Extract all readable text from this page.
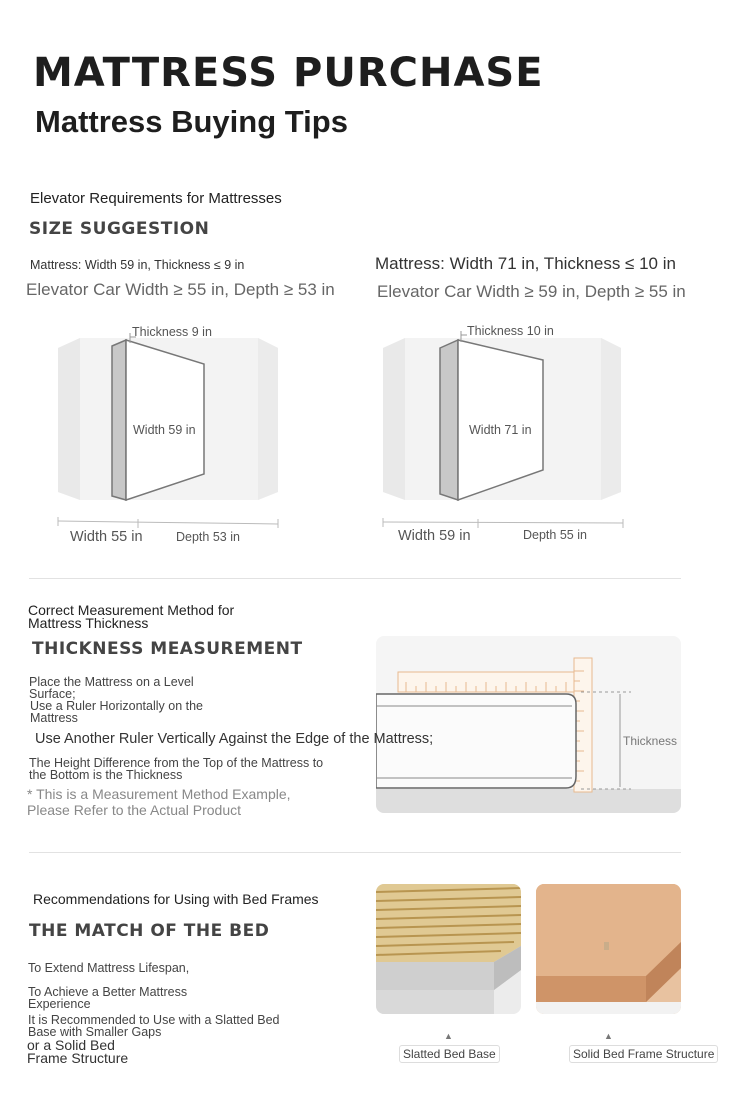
MATTRESS PURCHASE
Mattress Buying Tips
Elevator Requirements for Mattresses
SIZE SUGGESTION
Mattress: Width 59 in, Thickness ≤ 9 in
Elevator Car Width ≥ 55 in, Depth ≥ 53 in
Mattress: Width 71 in, Thickness ≤ 10 in
Elevator Car Width ≥ 59 in, Depth ≥ 55 in
Thickness 9 in
Width 59 in
Width 55 in	Depth 53 in
Thickness 10 in
Width 71 in
Width 59 in	Depth 55 in
Correct Measurement Method for
Mattress Thickness
THICKNESS MEASUREMENT
Place the Mattress on a Level
Surface;
Use a Ruler Horizontally on the
Mattress
Thickness
Use Another Ruler Vertically Against the Edge of the Mattress;
The Height Difference from the Top of the Mattress to
the Bottom is the Thickness
* This is a Measurement Method Example,
Please Refer to the Actual Product
Recommendations for Using with Bed Frames
THE MATCH OF THE BED
To Extend Mattress Lifespan,
To Achieve a Better Mattress
Experience
It is Recommended to Use with a Slatted Bed
Base with Smaller Gaps
or a Solid Bed
Frame Structure
▲	▲
Slatted Bed Base	Solid Bed Frame Structure
